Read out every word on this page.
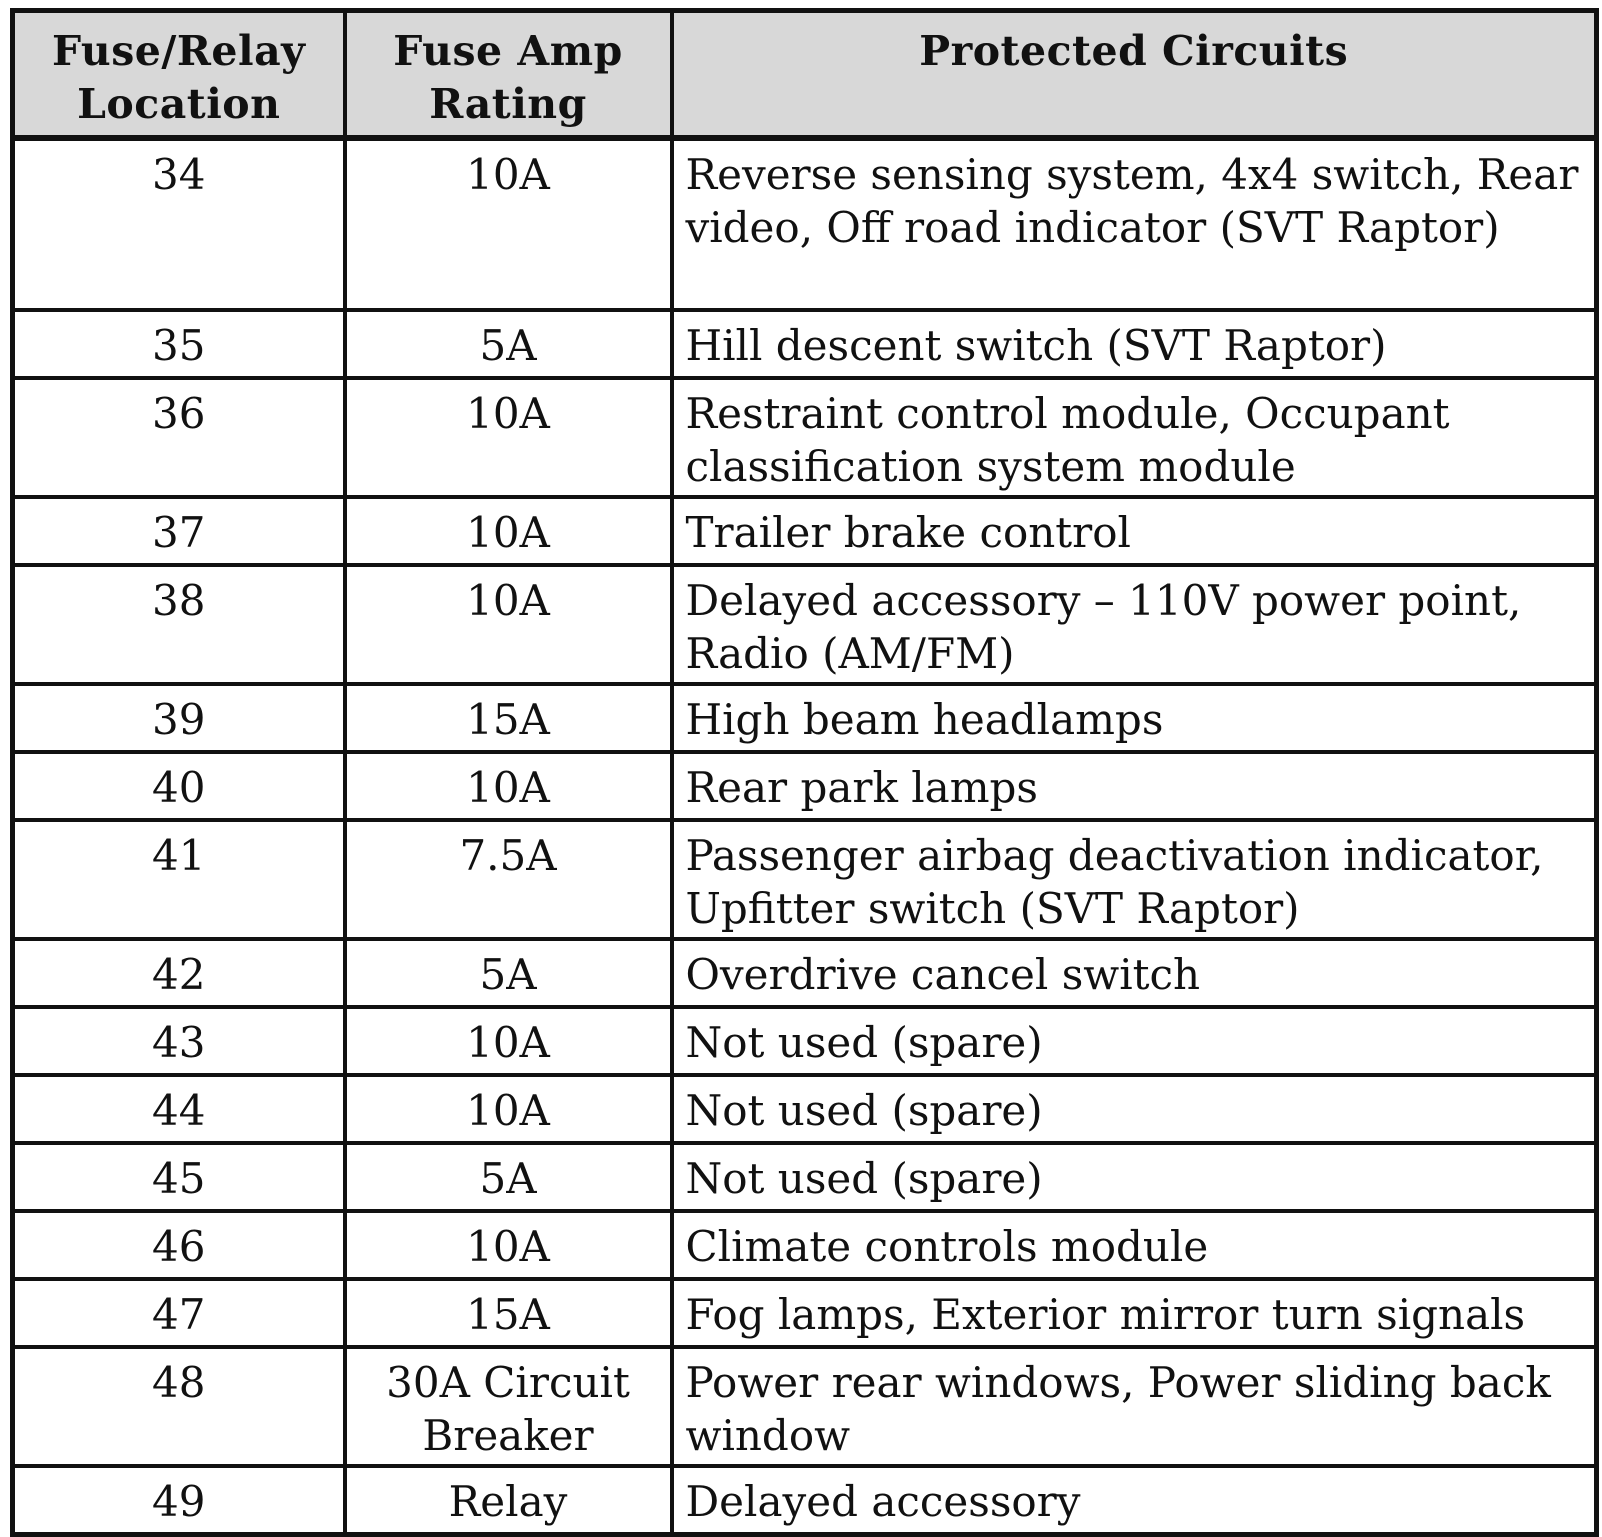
Fuse/Relay Location	Fuse Amp Rating	Protected Circuits
34	10A	Reverse sensing system, 4x4 switch, Rear video, Off road indicator (SVT Raptor)
35	5A	Hill descent switch (SVT Raptor)
36	10A	Restraint control module, Occupant classification system module
37	10A	Trailer brake control
38	10A	Delayed accessory – 110V power point, Radio (AM/FM)
39	15A	High beam headlamps
40	10A	Rear park lamps
41	7.5A	Passenger airbag deactivation indicator, Upfitter switch (SVT Raptor)
42	5A	Overdrive cancel switch
43	10A	Not used (spare)
44	10A	Not used (spare)
45	5A	Not used (spare)
46	10A	Climate controls module
47	15A	Fog lamps, Exterior mirror turn signals
48	30A Circuit Breaker	Power rear windows, Power sliding back window
49	Relay	Delayed accessory
